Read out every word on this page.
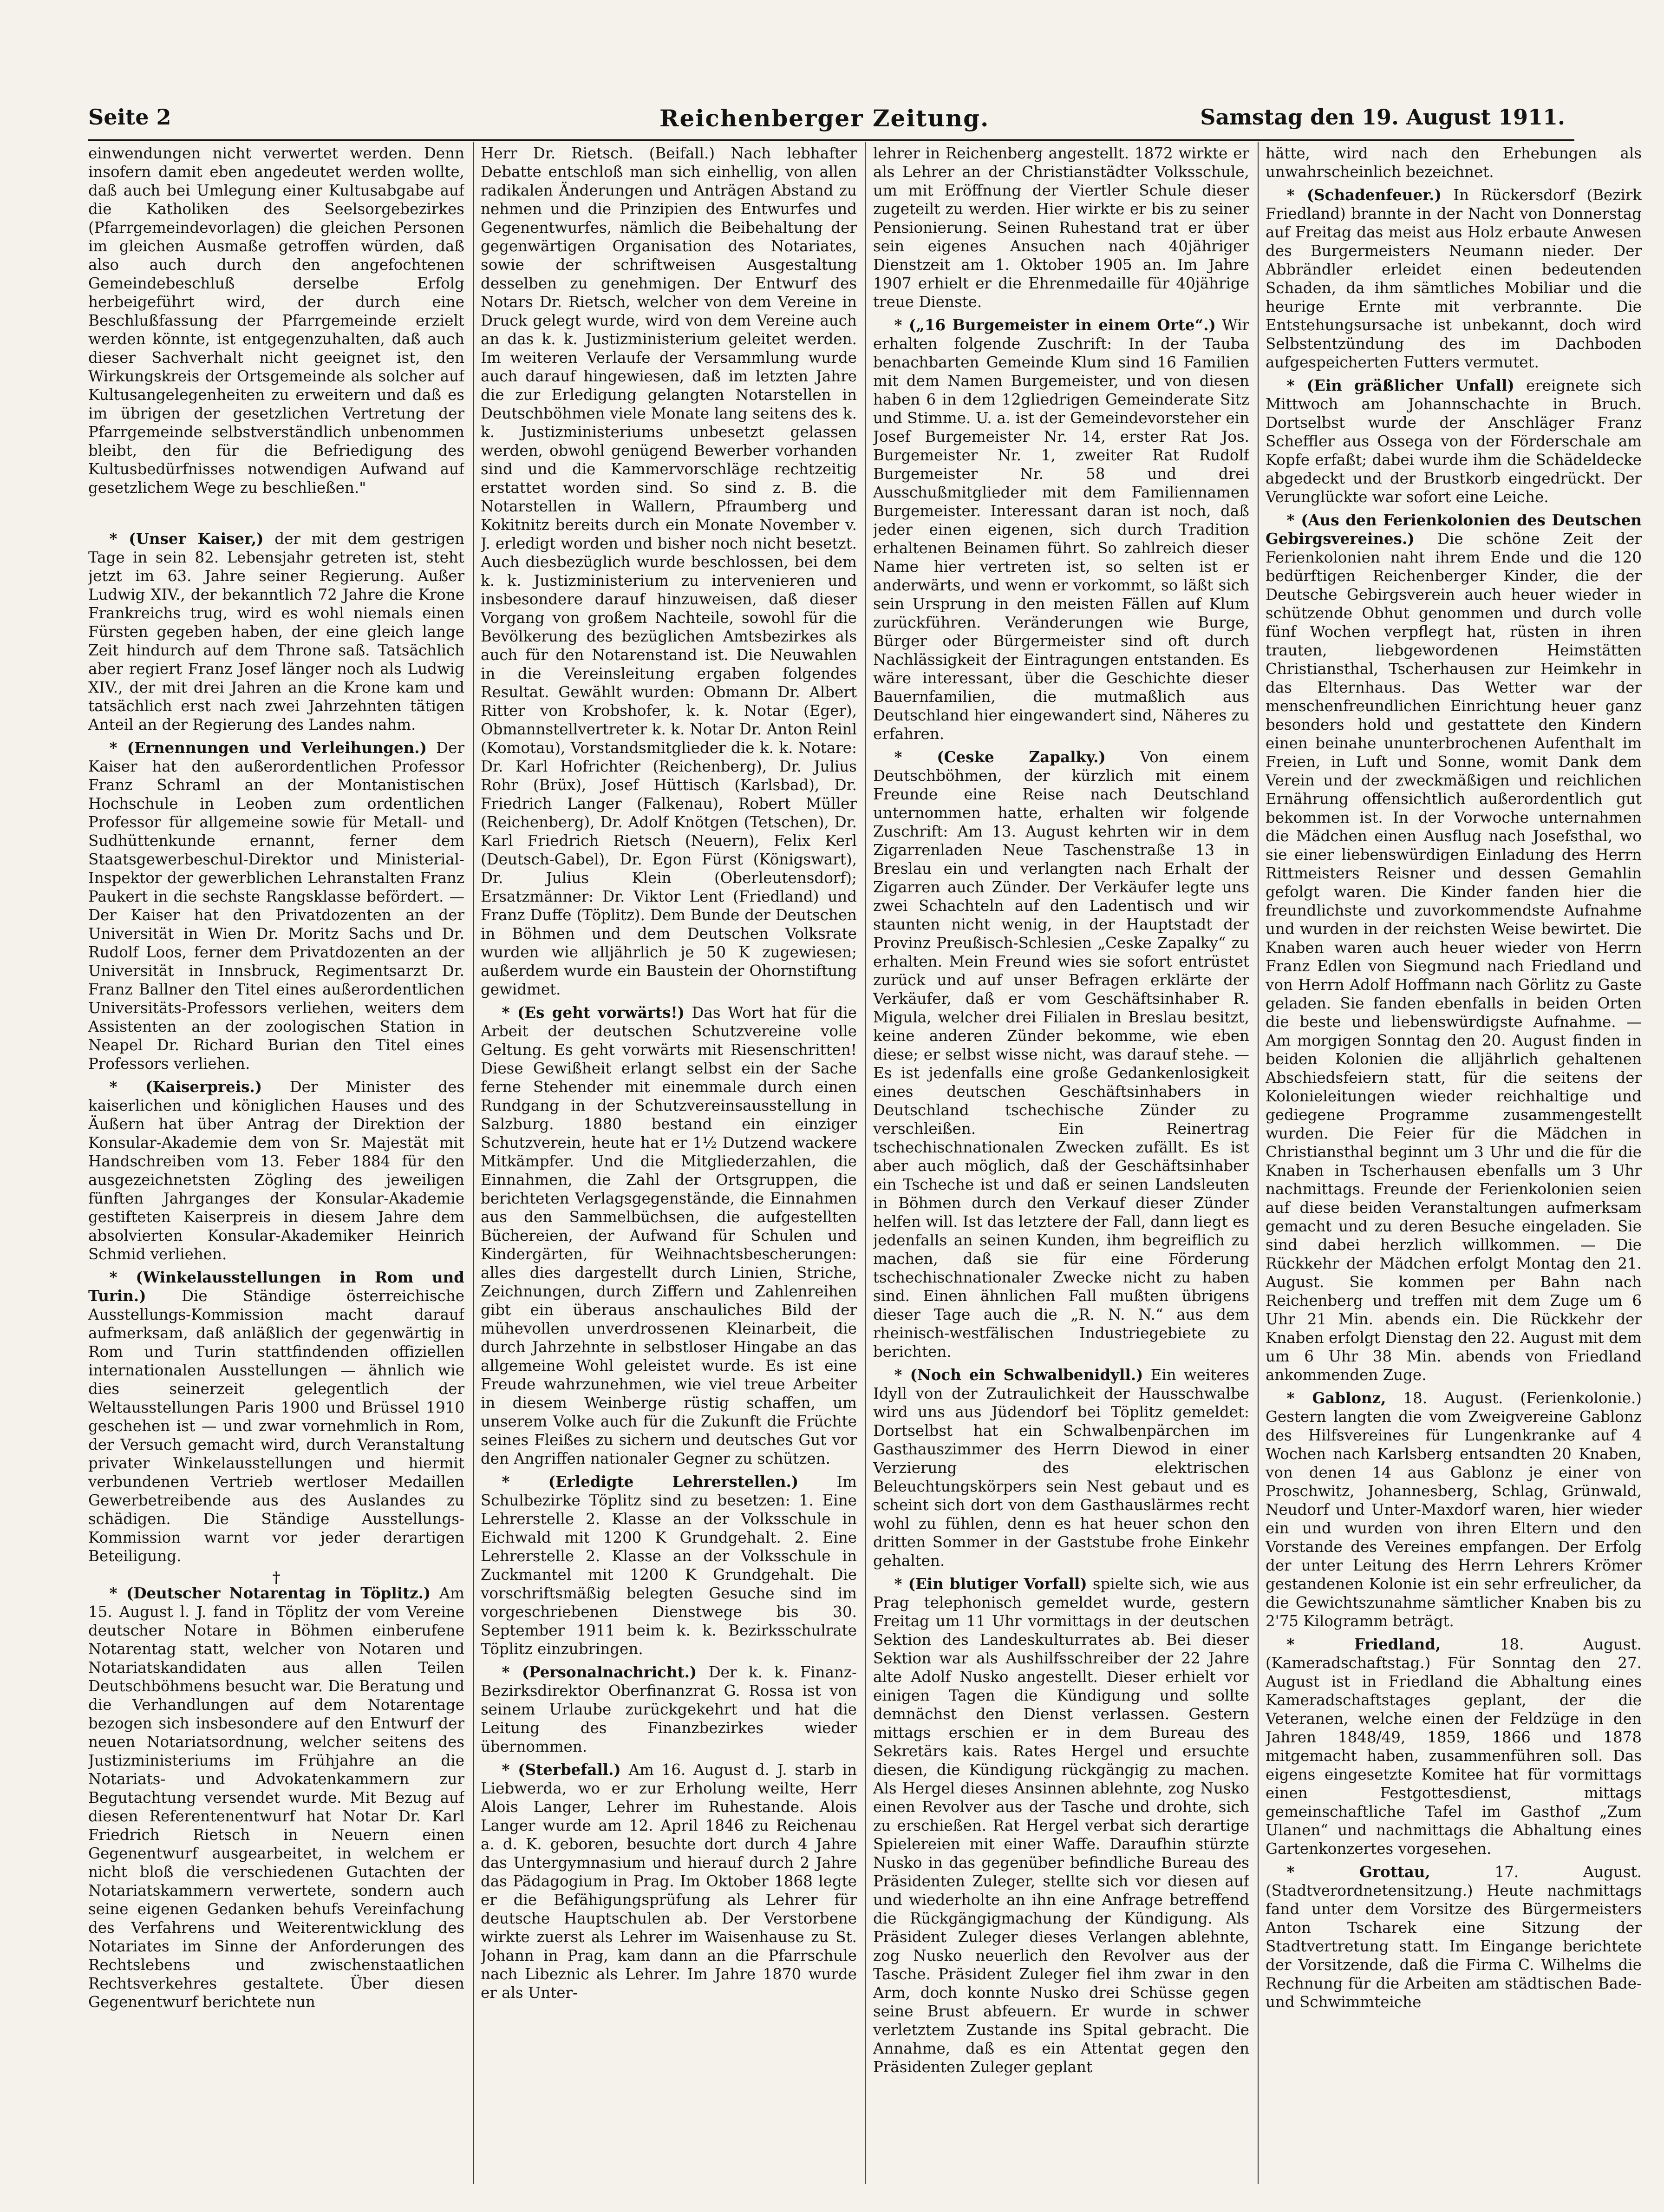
Seite 2	Reichenberger Zeitung.	Samstag den 19. August 1911.

einwendungen nicht verwertet werden. Denn insofern damit eben angedeutet werden wollte, daß auch bei Umlegung einer Kultusabgabe auf die Katholiken des Seelsorgebezirkes (Pfarrgemeindevorlagen) die gleichen Personen im gleichen Ausmaße getroffen würden, daß also auch durch den angefochtenen Gemeindebeschluß derselbe Erfolg herbeigeführt wird, der durch eine Beschlußfassung der Pfarrgemeinde erzielt werden könnte, ist entgegenzuhalten, daß auch dieser Sachverhalt nicht geeignet ist, den Wirkungskreis der Ortsgemeinde als solcher auf Kultusangelegenheiten zu erweitern und daß es im übrigen der gesetzlichen Vertretung der Pfarrgemeinde selbstverständlich unbenommen bleibt, den für die Befriedigung des Kultusbedürfnisses notwendigen Aufwand auf gesetzlichem Wege zu beschließen."

* (Unser Kaiser,) der mit dem gestrigen Tage in sein 82. Lebensjahr getreten ist, steht jetzt im 63. Jahre seiner Regierung. Außer Ludwig XIV., der bekanntlich 72 Jahre die Krone Frankreichs trug, wird es wohl niemals einen Fürsten gegeben haben, der eine gleich lange Zeit hindurch auf dem Throne saß. Tatsächlich aber regiert Franz Josef länger noch als Ludwig XIV., der mit drei Jahren an die Krone kam und tatsächlich erst nach zwei Jahrzehnten tätigen Anteil an der Regierung des Landes nahm.

* (Ernennungen und Verleihungen.) Der Kaiser hat den außerordentlichen Professor Franz Schraml an der Montanistischen Hochschule in Leoben zum ordentlichen Professor für allgemeine sowie für Metall- und Sudhüttenkunde ernannt, ferner dem Staatsgewerbeschul-Direktor und Ministerial-Inspektor der gewerblichen Lehranstalten Franz Paukert in die sechste Rangsklasse befördert. — Der Kaiser hat den Privatdozenten an der Universität in Wien Dr. Moritz Sachs und Dr. Rudolf Loos, ferner dem Privatdozenten an der Universität in Innsbruck, Regimentsarzt Dr. Franz Ballner den Titel eines außerordentlichen Universitäts-Professors verliehen, weiters dem Assistenten an der zoologischen Station in Neapel Dr. Richard Burian den Titel eines Professors verliehen.

* (Kaiserpreis.) Der Minister des kaiserlichen und königlichen Hauses und des Äußern hat über Antrag der Direktion der Konsular-Akademie dem von Sr. Majestät mit Handschreiben vom 13. Feber 1884 für den ausgezeichnetsten Zögling des jeweiligen fünften Jahrganges der Konsular-Akademie gestifteten Kaiserpreis in diesem Jahre dem absolvierten Konsular-Akademiker Heinrich Schmid verliehen.

* (Winkelausstellungen in Rom und Turin.) Die Ständige österreichische Ausstellungs-Kommission macht darauf aufmerksam, daß anläßlich der gegenwärtig in Rom und Turin stattfindenden offiziellen internationalen Ausstellungen — ähnlich wie dies seinerzeit gelegentlich der Weltausstellungen Paris 1900 und Brüssel 1910 geschehen ist — und zwar vornehmlich in Rom, der Versuch gemacht wird, durch Veranstaltung privater Winkelausstellungen und hiermit verbundenen Vertrieb wertloser Medaillen Gewerbetreibende aus des Auslandes zu schädigen. Die Ständige Ausstellungs-Kommission warnt vor jeder derartigen Beteiligung.

†

* (Deutscher Notarentag in Töplitz.) Am 15. August l. J. fand in Töplitz der vom Vereine deutscher Notare in Böhmen einberufene Notarentag statt, welcher von Notaren und Notariatskandidaten aus allen Teilen Deutschböhmens besucht war. Die Beratung und die Verhandlungen auf dem Notarentage bezogen sich insbesondere auf den Entwurf der neuen Notariatsordnung, welcher seitens des Justizministeriums im Frühjahre an die Notariats- und Advokatenkammern zur Begutachtung versendet wurde. Mit Bezug auf diesen Referentenentwurf hat Notar Dr. Karl Friedrich Rietsch in Neuern einen Gegenentwurf ausgearbeitet, in welchem er nicht bloß die verschiedenen Gutachten der Notariatskammern verwertete, sondern auch seine eigenen Gedanken behufs Vereinfachung des Verfahrens und Weiterentwicklung des Notariates im Sinne der Anforderungen des Rechtslebens und zwischenstaatlichen Rechtsverkehres gestaltete. Über diesen Gegenentwurf berichtete nun

Herr Dr. Rietsch. (Beifall.) Nach lebhafter Debatte entschloß man sich einhellig, von allen radikalen Änderungen und Anträgen Abstand zu nehmen und die Prinzipien des Entwurfes und Gegenentwurfes, nämlich die Beibehaltung der gegenwärtigen Organisation des Notariates, sowie der schriftweisen Ausgestaltung desselben zu genehmigen. Der Entwurf des Notars Dr. Rietsch, welcher von dem Vereine in Druck gelegt wurde, wird von dem Vereine auch an das k. k. Justizministerium geleitet werden. Im weiteren Verlaufe der Versammlung wurde auch darauf hingewiesen, daß im letzten Jahre die zur Erledigung gelangten Notarstellen in Deutschböhmen viele Monate lang seitens des k. k. Justizministeriums unbesetzt gelassen werden, obwohl genügend Bewerber vorhanden sind und die Kammervorschläge rechtzeitig erstattet worden sind. So sind z. B. die Notarstellen in Wallern, Pfraumberg und Kokitnitz bereits durch ein Monate November v. J. erledigt worden und bisher noch nicht besetzt. Auch diesbezüglich wurde beschlossen, bei dem k. k. Justizministerium zu intervenieren und insbesondere darauf hinzuweisen, daß dieser Vorgang von großem Nachteile, sowohl für die Bevölkerung des bezüglichen Amtsbezirkes als auch für den Notarenstand ist. Die Neuwahlen in die Vereinsleitung ergaben folgendes Resultat. Gewählt wurden: Obmann Dr. Albert Ritter von Krobshofer, k. k. Notar (Eger), Obmannstellvertreter k. k. Notar Dr. Anton Reinl (Komotau), Vorstandsmitglieder die k. k. Notare: Dr. Karl Hofrichter (Reichenberg), Dr. Julius Rohr (Brüx), Josef Hüttisch (Karlsbad), Dr. Friedrich Langer (Falkenau), Robert Müller (Reichenberg), Dr. Adolf Knötgen (Tetschen), Dr. Karl Friedrich Rietsch (Neuern), Felix Kerl (Deutsch-Gabel), Dr. Egon Fürst (Königswart), Dr. Julius Klein (Oberleutensdorf); Ersatzmänner: Dr. Viktor Lent (Friedland) und Franz Duffe (Töplitz). Dem Bunde der Deutschen in Böhmen und dem Deutschen Volksrate wurden wie alljährlich je 50 K zugewiesen; außerdem wurde ein Baustein der Ohornstiftung gewidmet.

* (Es geht vorwärts!) Das Wort hat für die Arbeit der deutschen Schutzvereine volle Geltung. Es geht vorwärts mit Riesenschritten! Diese Gewißheit erlangt selbst ein der Sache ferne Stehender mit einemmale durch einen Rundgang in der Schutzvereinsausstellung in Salzburg. 1880 bestand ein einziger Schutzverein, heute hat er 1½ Dutzend wackere Mitkämpfer. Und die Mitgliederzahlen, die Einnahmen, die Zahl der Ortsgruppen, die berichteten Verlagsgegenstände, die Einnahmen aus den Sammelbüchsen, die aufgestellten Büchereien, der Aufwand für Schulen und Kindergärten, für Weihnachtsbescherungen: alles dies dargestellt durch Linien, Striche, Zeichnungen, durch Ziffern und Zahlenreihen gibt ein überaus anschauliches Bild der mühevollen unverdrossenen Kleinarbeit, die durch Jahrzehnte in selbstloser Hingabe an das allgemeine Wohl geleistet wurde. Es ist eine Freude wahrzunehmen, wie viel treue Arbeiter in diesem Weinberge rüstig schaffen, um unserem Volke auch für die Zukunft die Früchte seines Fleißes zu sichern und deutsches Gut vor den Angriffen nationaler Gegner zu schützen.

* (Erledigte Lehrerstellen.)	Im Schulbezirke Töplitz sind zu besetzen: 1. Eine Lehrerstelle 2. Klasse an der Volksschule in Eichwald mit 1200 K Grundgehalt. 2. Eine Lehrerstelle 2. Klasse an der Volksschule in Zuckmantel mit 1200 K Grundgehalt. Die vorschriftsmäßig belegten Gesuche sind im vorgeschriebenen Dienstwege bis 30. September 1911 beim k. k. Bezirksschulrate Töplitz einzubringen.

* (Personalnachricht.) Der k. k. Finanz-Bezirksdirektor Oberfinanzrat G. Rossa ist von seinem Urlaube zurückgekehrt und hat die Leitung des Finanzbezirkes wieder übernommen.

* (Sterbefall.) Am 16. August d. J. starb in Liebwerda, wo er zur Erholung weilte, Herr Alois Langer, Lehrer im Ruhestande. Alois Langer wurde am 12. April 1846 zu Reichenau a. d. K. geboren, besuchte dort durch 4 Jahre das Untergymnasium und hierauf durch 2 Jahre das Pädagogium in Prag. Im Oktober 1868 legte er die Befähigungsprüfung als Lehrer für deutsche Hauptschulen ab. Der Verstorbene wirkte zuerst als Lehrer im Waisenhause zu St. Johann in Prag, kam dann an die Pfarrschule nach Libeznic als Lehrer. Im Jahre 1870 wurde er als Unter-

lehrer in Reichenberg angestellt. 1872 wirkte er als Lehrer an der Christianstädter Volksschule, um mit Eröffnung der Viertler Schule dieser zugeteilt zu werden. Hier wirkte er bis zu seiner Pensionierung. Seinen Ruhestand trat er über sein eigenes Ansuchen nach 40jähriger Dienstzeit am 1. Oktober 1905 an. Im Jahre 1907 erhielt er die Ehrenmedaille für 40jährige treue Dienste.

* („16 Burgemeister in einem Orte“.) Wir erhalten folgende Zuschrift: In der Tauba benachbarten Gemeinde Klum sind 16 Familien mit dem Namen Burgemeister, und von diesen haben 6 in dem 12gliedrigen Gemeinderate Sitz und Stimme. U. a. ist der Gemeindevorsteher ein Josef Burgemeister Nr. 14, erster Rat Jos. Burgemeister Nr. 1, zweiter Rat Rudolf Burgemeister Nr. 58 und drei Ausschußmitglieder mit dem Familiennamen Burgemeister. Interessant daran ist noch, daß jeder einen eigenen, sich durch Tradition erhaltenen Beinamen führt. So zahlreich dieser Name hier vertreten ist, so selten ist er anderwärts, und wenn er vorkommt, so läßt sich sein Ursprung in den meisten Fällen auf Klum zurückführen. Veränderungen wie Burge, Bürger oder Bürgermeister sind oft durch Nachlässigkeit der Eintragungen entstanden. Es wäre interessant, über die Geschichte dieser Bauernfamilien, die mutmaßlich aus Deutschland hier eingewandert sind, Näheres zu erfahren.

* (Ceske Zapalky.) Von einem Deutschböhmen, der kürzlich mit einem Freunde eine Reise nach Deutschland unternommen hatte, erhalten wir folgende Zuschrift: Am 13. August kehrten wir in dem Zigarrenladen Neue Taschenstraße 13 in Breslau ein und verlangten nach Erhalt der Zigarren auch Zünder. Der Verkäufer legte uns zwei Schachteln auf den Ladentisch und wir staunten nicht wenig, in der Hauptstadt der Provinz Preußisch-Schlesien „Ceske Zapalky“ zu erhalten. Mein Freund wies sie sofort entrüstet zurück und auf unser Befragen erklärte der Verkäufer, daß er vom Geschäftsinhaber R. Migula, welcher drei Filialen in Breslau besitzt, keine anderen Zünder bekomme, wie eben diese; er selbst wisse nicht, was darauf stehe. — Es ist jedenfalls eine große Gedankenlosigkeit eines deutschen Geschäftsinhabers in Deutschland tschechische Zünder zu verschleißen. Ein Reinertrag tschechischnationalen Zwecken zufällt. Es ist aber auch möglich, daß der Geschäftsinhaber ein Tscheche ist und daß er seinen Landsleuten in Böhmen durch den Verkauf dieser Zünder helfen will. Ist das letztere der Fall, dann liegt es jedenfalls an seinen Kunden, ihm begreiflich zu machen, daß sie für eine Förderung tschechischnationaler Zwecke nicht zu haben sind. Einen ähnlichen Fall mußten übrigens dieser Tage auch die „R. N. N.“ aus dem rheinisch-westfälischen Industriegebiete zu berichten.

* (Noch ein Schwalbenidyll.) Ein weiteres Idyll von der Zutraulichkeit der Hausschwalbe wird uns aus Jüdendorf bei Töplitz gemeldet: Dortselbst hat ein Schwalbenpärchen im Gasthauszimmer des Herrn Diewod in einer Verzierung des elektrischen Beleuchtungskörpers sein Nest gebaut und es scheint sich dort von dem Gasthauslärmes recht wohl zu fühlen, denn es hat heuer schon den dritten Sommer in der Gaststube frohe Einkehr gehalten.

* (Ein blutiger Vorfall) spielte sich, wie aus Prag telephonisch gemeldet wurde, gestern Freitag um 11 Uhr vormittags in der deutschen Sektion des Landeskulturrates ab. Bei dieser Sektion war als Aushilfsschreiber der 22 Jahre alte Adolf Nusko angestellt. Dieser erhielt vor einigen Tagen die Kündigung und sollte demnächst den Dienst verlassen. Gestern mittags erschien er in dem Bureau des Sekretärs kais. Rates Hergel und ersuchte diesen, die Kündigung rückgängig zu machen. Als Hergel dieses Ansinnen ablehnte, zog Nusko einen Revolver aus der Tasche und drohte, sich zu erschießen. Rat Hergel verbat sich derartige Spielereien mit einer Waffe. Daraufhin stürzte Nusko in das gegenüber befindliche Bureau des Präsidenten Zuleger, stellte sich vor diesen auf und wiederholte an ihn eine Anfrage betreffend die Rückgängigmachung der Kündigung. Als Präsident Zuleger dieses Verlangen ablehnte, zog Nusko neuerlich den Revolver aus der Tasche. Präsident Zuleger fiel ihm zwar in den Arm, doch konnte Nusko drei Schüsse gegen seine Brust abfeuern. Er wurde in schwer verletztem Zustande ins Spital gebracht. Die Annahme, daß es ein Attentat gegen den Präsidenten Zuleger geplant

hätte, wird nach den Erhebungen als unwahrscheinlich bezeichnet.

* (Schadenfeuer.) In Rückersdorf (Bezirk Friedland) brannte in der Nacht von Donnerstag auf Freitag das meist aus Holz erbaute Anwesen des Burgermeisters Neumann nieder. Der Abbrändler erleidet einen bedeutenden Schaden, da ihm sämtliches Mobiliar und die heurige Ernte mit verbrannte. Die Entstehungsursache ist unbekannt, doch wird Selbstentzündung des im Dachboden aufgespeicherten Futters vermutet.

* (Ein gräßlicher Unfall) ereignete sich Mittwoch am Johannschachte in Bruch. Dortselbst wurde der Anschläger Franz Scheffler aus Ossega von der Förderschale am Kopfe erfaßt; dabei wurde ihm die Schädeldecke abgedeckt und der Brustkorb eingedrückt. Der Verunglückte war sofort eine Leiche.

* (Aus den Ferienkolonien des Deutschen Gebirgsvereines.) Die schöne Zeit der Ferienkolonien naht ihrem Ende und die 120 bedürftigen Reichenberger Kinder, die der Deutsche Gebirgsverein auch heuer wieder in schützende Obhut genommen und durch volle fünf Wochen verpflegt hat, rüsten in ihren trauten, liebgewordenen Heimstätten Christiansthal, Tscherhausen zur Heimkehr in das Elternhaus. Das Wetter war der menschenfreundlichen Einrichtung heuer ganz besonders hold und gestattete den Kindern einen beinahe ununterbrochenen Aufenthalt im Freien, in Luft und Sonne, womit Dank dem Verein und der zweckmäßigen und reichlichen Ernährung offensichtlich außerordentlich gut bekommen ist. In der Vorwoche unternahmen die Mädchen einen Ausflug nach Josefsthal, wo sie einer liebenswürdigen Einladung des Herrn Rittmeisters Reisner und dessen Gemahlin gefolgt waren. Die Kinder fanden hier die freundlichste und zuvorkommendste Aufnahme und wurden in der reichsten Weise bewirtet. Die Knaben waren auch heuer wieder von Herrn Franz Edlen von Siegmund nach Friedland und von Herrn Adolf Hoffmann nach Görlitz zu Gaste geladen. Sie fanden ebenfalls in beiden Orten die beste und liebenswürdigste Aufnahme. — Am morgigen Sonntag den 20. August finden in beiden Kolonien die alljährlich gehaltenen Abschiedsfeiern statt, für die seitens der Kolonieleitungen wieder reichhaltige und gediegene Programme zusammengestellt wurden. Die Feier für die Mädchen in Christiansthal beginnt um 3 Uhr und die für die Knaben in Tscherhausen ebenfalls um 3 Uhr nachmittags. Freunde der Ferienkolonien seien auf diese beiden Veranstaltungen aufmerksam gemacht und zu deren Besuche eingeladen. Sie sind dabei herzlich willkommen. — Die Rückkehr der Mädchen erfolgt Montag den 21. August. Sie kommen per Bahn nach Reichenberg und treffen mit dem Zuge um 6 Uhr 21 Min. abends ein. Die Rückkehr der Knaben erfolgt Dienstag den 22. August mit dem um 6 Uhr 38 Min. abends von Friedland ankommenden Zuge.

* Gablonz, 18. August. (Ferienkolonie.) Gestern langten die vom Zweigvereine Gablonz des Hilfsvereines für Lungenkranke auf 4 Wochen nach Karlsberg entsandten 20 Knaben, von denen 14 aus Gablonz je einer von Proschwitz, Johannesberg, Schlag, Grünwald, Neudorf und Unter-Maxdorf waren, hier wieder ein und wurden von ihren Eltern und den Vorstande des Vereines empfangen. Der Erfolg der unter Leitung des Herrn Lehrers Krömer gestandenen Kolonie ist ein sehr erfreulicher, da die Gewichtszunahme sämtlicher Knaben bis zu 2'75 Kilogramm beträgt.

* Friedland,	18. August. (Kameradschaftstag.) Für Sonntag den 27. August ist in Friedland die Abhaltung eines Kameradschaftstages geplant, der die Veteranen, welche einen der Feldzüge in den Jahren 1848/49, 1859, 1866 und 1878 mitgemacht haben, zusammenführen soll. Das eigens eingesetzte Komitee hat für vormittags einen Festgottesdienst, mittags gemeinschaftliche Tafel im Gasthof „Zum Ulanen“ und nachmittags die Abhaltung eines Gartenkonzertes vorgesehen.

* Grottau,	17. August. (Stadtverordnetensitzung.) Heute nachmittags fand unter dem Vorsitze des Bürgermeisters Anton Tscharek eine Sitzung der Stadtvertretung statt. Im Eingange berichtete der Vorsitzende, daß die Firma C. Wilhelms die Rechnung für die Arbeiten am städtischen Bade- und Schwimmteiche
